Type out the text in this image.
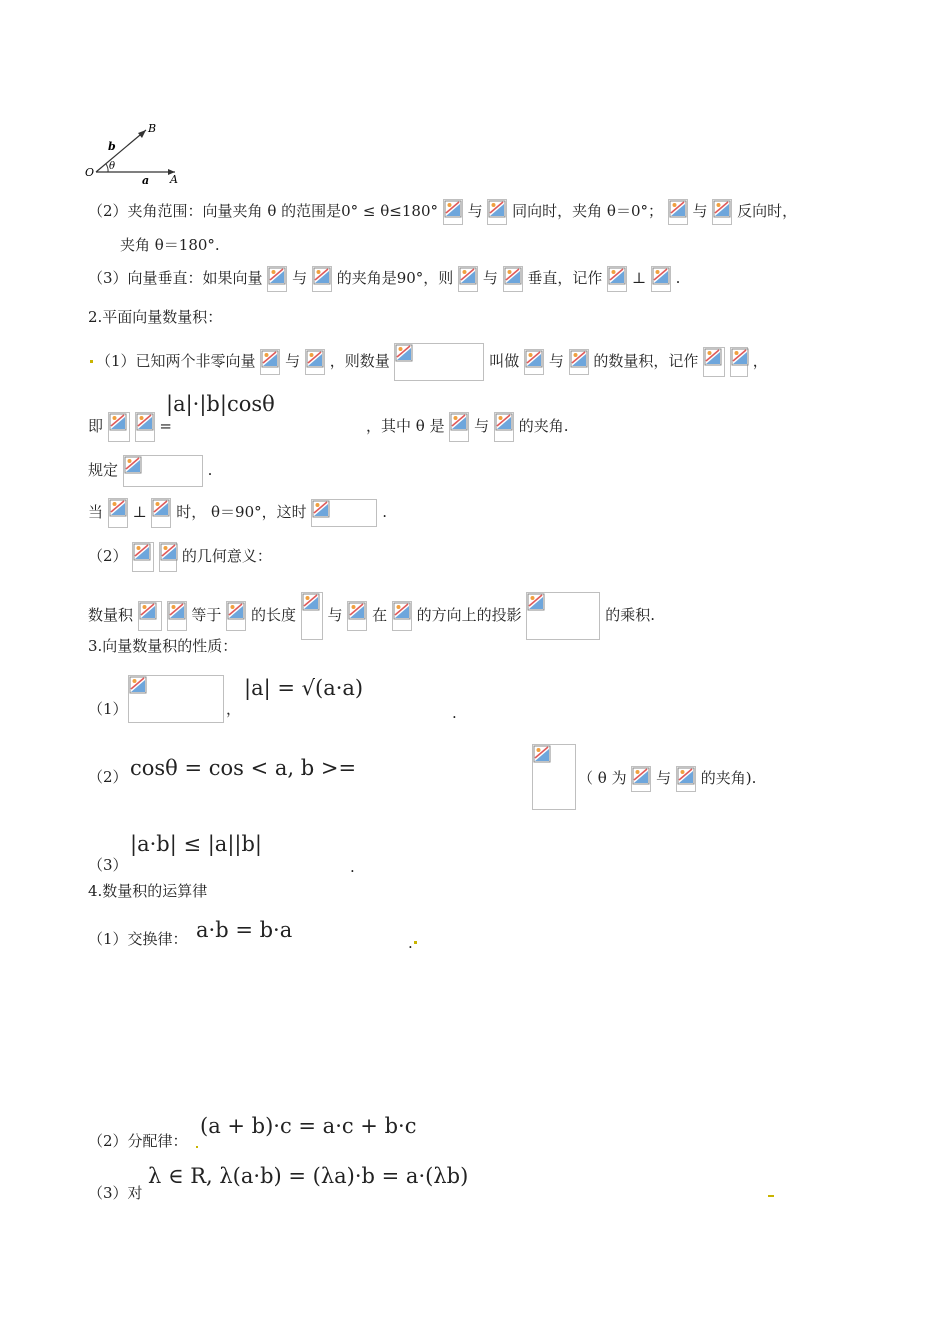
O θ
A
B
b
a
（2）夹角范围：向量夹角 θ 的范围是0° ≤ θ≤180° 与 同向时，夹角 θ＝0°； 与 反向时，
夹角 θ＝180°.
（3）向量垂直：如果向量 与 的夹角是90°，则 与 垂直，记作 ⊥ .
2.平面向量数量积：
（1）已知两个非零向量 与 ，则数量	叫做 与 的数量积，记作
	，
即
	=
|a|·|b|cosθ
，其中 θ 是 与 的夹角.
规定	.
当 ⊥ 时， θ＝90°，这时	.
（2）
	的几何意义：
数量积
	等于 的长度 与 在 的方向上的投影	的乘积.
3.向量数量积的性质：
（1）	，
|a| = √(a·a)
.
（2） cosθ = cos < a, b >=	（ θ 为 与 的夹角).
（3）
|a·b| ≤ |a||b|
.
4.数量积的运算律
（1）交换律： a·b = b·a
.
（2）分配律：
(a + b)·c = a·c + b·c
（3）对
λ ∈ R, λ(a·b) = (λa)·b = a·(λb)
